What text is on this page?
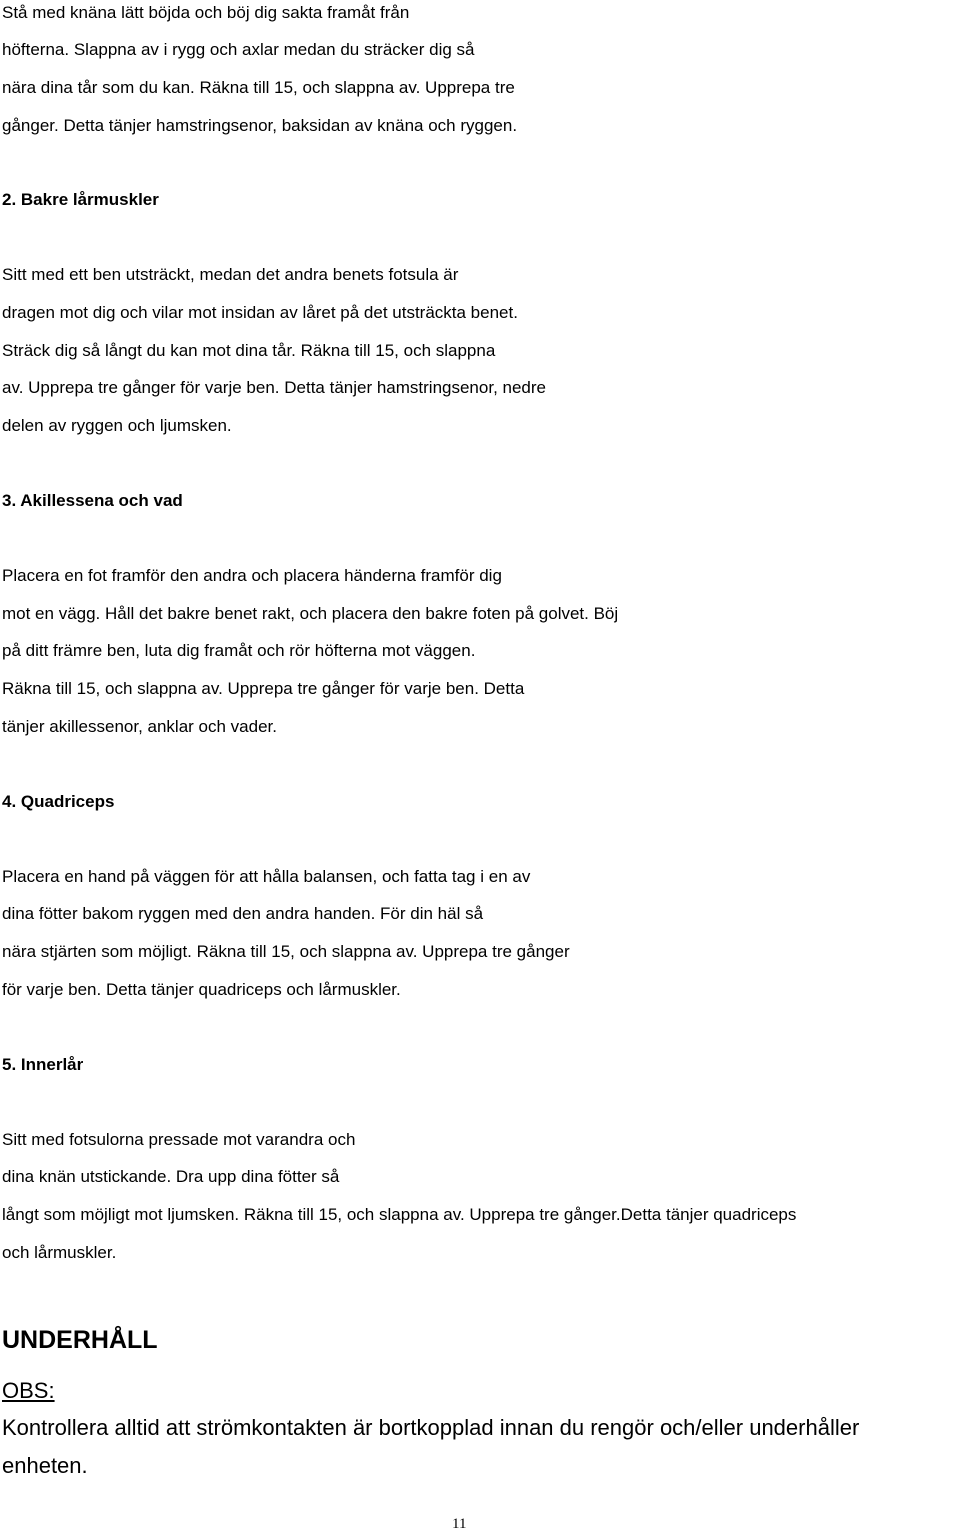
Stå med knäna lätt böjda och böj dig sakta framåt från
höfterna. Slappna av i rygg och axlar medan du sträcker dig så
nära dina tår som du kan. Räkna till 15, och slappna av. Upprepa tre
gånger. Detta tänjer hamstringsenor, baksidan av knäna och ryggen.
2. Bakre lårmuskler
Sitt med ett ben utsträckt, medan det andra benets fotsula är
dragen mot dig och vilar mot insidan av låret på det utsträckta benet.
Sträck dig så långt du kan mot dina tår. Räkna till 15, och slappna
av. Upprepa tre gånger för varje ben. Detta tänjer hamstringsenor, nedre
delen av ryggen och ljumsken.
3. Akillessena och vad
Placera en fot framför den andra och placera händerna framför dig
mot en vägg. Håll det bakre benet rakt, och placera den bakre foten på golvet. Böj
på ditt främre ben, luta dig framåt och rör höfterna mot väggen.
Räkna till 15, och slappna av. Upprepa tre gånger för varje ben. Detta
tänjer akillessenor, anklar och vader.
4. Quadriceps
Placera en hand på väggen för att hålla balansen, och fatta tag i en av
dina fötter bakom ryggen med den andra handen. För din häl så
nära stjärten som möjligt. Räkna till 15, och slappna av. Upprepa tre gånger
för varje ben. Detta tänjer quadriceps och lårmuskler.
5. Innerlår
Sitt med fotsulorna pressade mot varandra och
dina knän utstickande. Dra upp dina fötter så
långt som möjligt mot ljumsken. Räkna till 15, och slappna av. Upprepa tre gånger.Detta tänjer quadriceps
och lårmuskler.
UNDERHÅLL
OBS:
Kontrollera alltid att strömkontakten är bortkopplad innan du rengör och/eller underhåller
enheten.
11
